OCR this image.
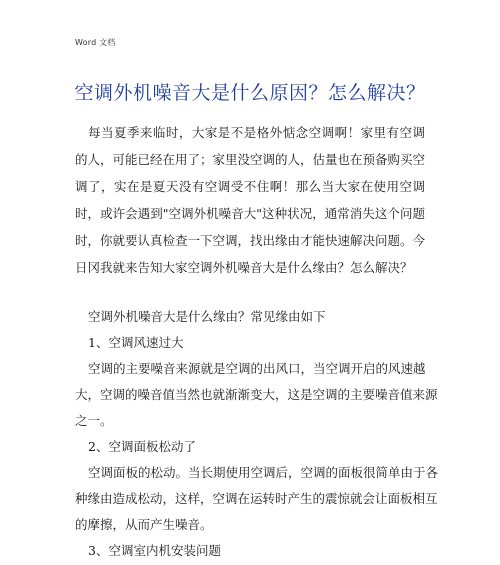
Word 文档
空调外机噪音大是什么原因？怎么解决？
每当夏季来临时，大家是不是格外惦念空调啊！家里有空调的人，可能已经在用了；家里没空调的人，估量也在预备购买空调了，实在是夏天没有空调受不住啊！那么当大家在使用空调时，或许会遇到"空调外机噪音大"这种状况，通常消失这个问题时，你就要认真检查一下空调，找出缘由才能快速解决问题。今日冈我就来告知大家空调外机噪音大是什么缘由？怎么解决？
空调外机噪音大是什么缘由？常见缘由如下
1、空调风速过大
空调的主要噪音来源就是空调的出风口，当空调开启的风速越
大，空调的噪音值当然也就渐渐变大，这是空调的主要噪音值来源
之一。
2、空调面板松动了
空调面板的松动。当长期使用空调后，空调的面板很简单由于各
种缘由造成松动，这样，空调在运转时产生的震惊就会让面板相互
的摩擦，从而产生噪音。
3、空调室内机安装问题
